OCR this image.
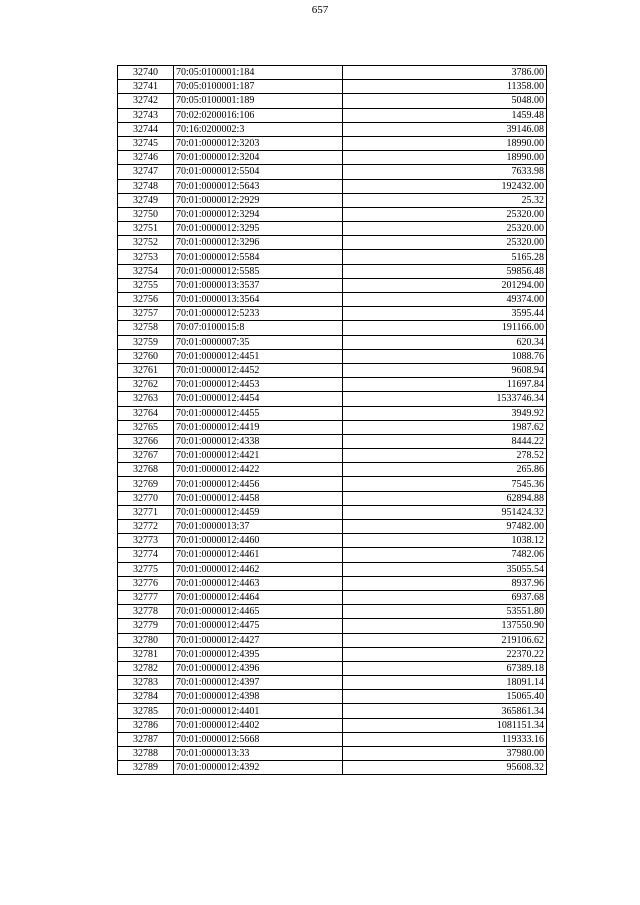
657
32740	70:05:0100001:184	3786.00
32741	70:05:0100001:187	11358.00
32742	70:05:0100001:189	5048.00
32743	70:02:0200016:106	1459.48
32744	70:16:0200002:3	39146.08
32745	70:01:0000012:3203	18990.00
32746	70:01:0000012:3204	18990.00
32747	70:01:0000012:5504	7633.98
32748	70:01:0000012:5643	192432.00
32749	70:01:0000012:2929	25.32
32750	70:01:0000012:3294	25320.00
32751	70:01:0000012:3295	25320.00
32752	70:01:0000012:3296	25320.00
32753	70:01:0000012:5584	5165.28
32754	70:01:0000012:5585	59856.48
32755	70:01:0000013:3537	201294.00
32756	70:01:0000013:3564	49374.00
32757	70:01:0000012:5233	3595.44
32758	70:07:0100015:8	191166.00
32759	70:01:0000007:35	620.34
32760	70:01:0000012:4451	1088.76
32761	70:01:0000012:4452	9608.94
32762	70:01:0000012:4453	11697.84
32763	70:01:0000012:4454	1533746.34
32764	70:01:0000012:4455	3949.92
32765	70:01:0000012:4419	1987.62
32766	70:01:0000012:4338	8444.22
32767	70:01:0000012:4421	278.52
32768	70:01:0000012:4422	265.86
32769	70:01:0000012:4456	7545.36
32770	70:01:0000012:4458	62894.88
32771	70:01:0000012:4459	951424.32
32772	70:01:0000013:37	97482.00
32773	70:01:0000012:4460	1038.12
32774	70:01:0000012:4461	7482.06
32775	70:01:0000012:4462	35055.54
32776	70:01:0000012:4463	8937.96
32777	70:01:0000012:4464	6937.68
32778	70:01:0000012:4465	53551.80
32779	70:01:0000012:4475	137550.90
32780	70:01:0000012:4427	219106.62
32781	70:01:0000012:4395	22370.22
32782	70:01:0000012:4396	67389.18
32783	70:01:0000012:4397	18091.14
32784	70:01:0000012:4398	15065.40
32785	70:01:0000012:4401	365861.34
32786	70:01:0000012:4402	1081151.34
32787	70:01:0000012:5668	119333.16
32788	70:01:0000013:33	37980.00
32789	70:01:0000012:4392	95608.32
